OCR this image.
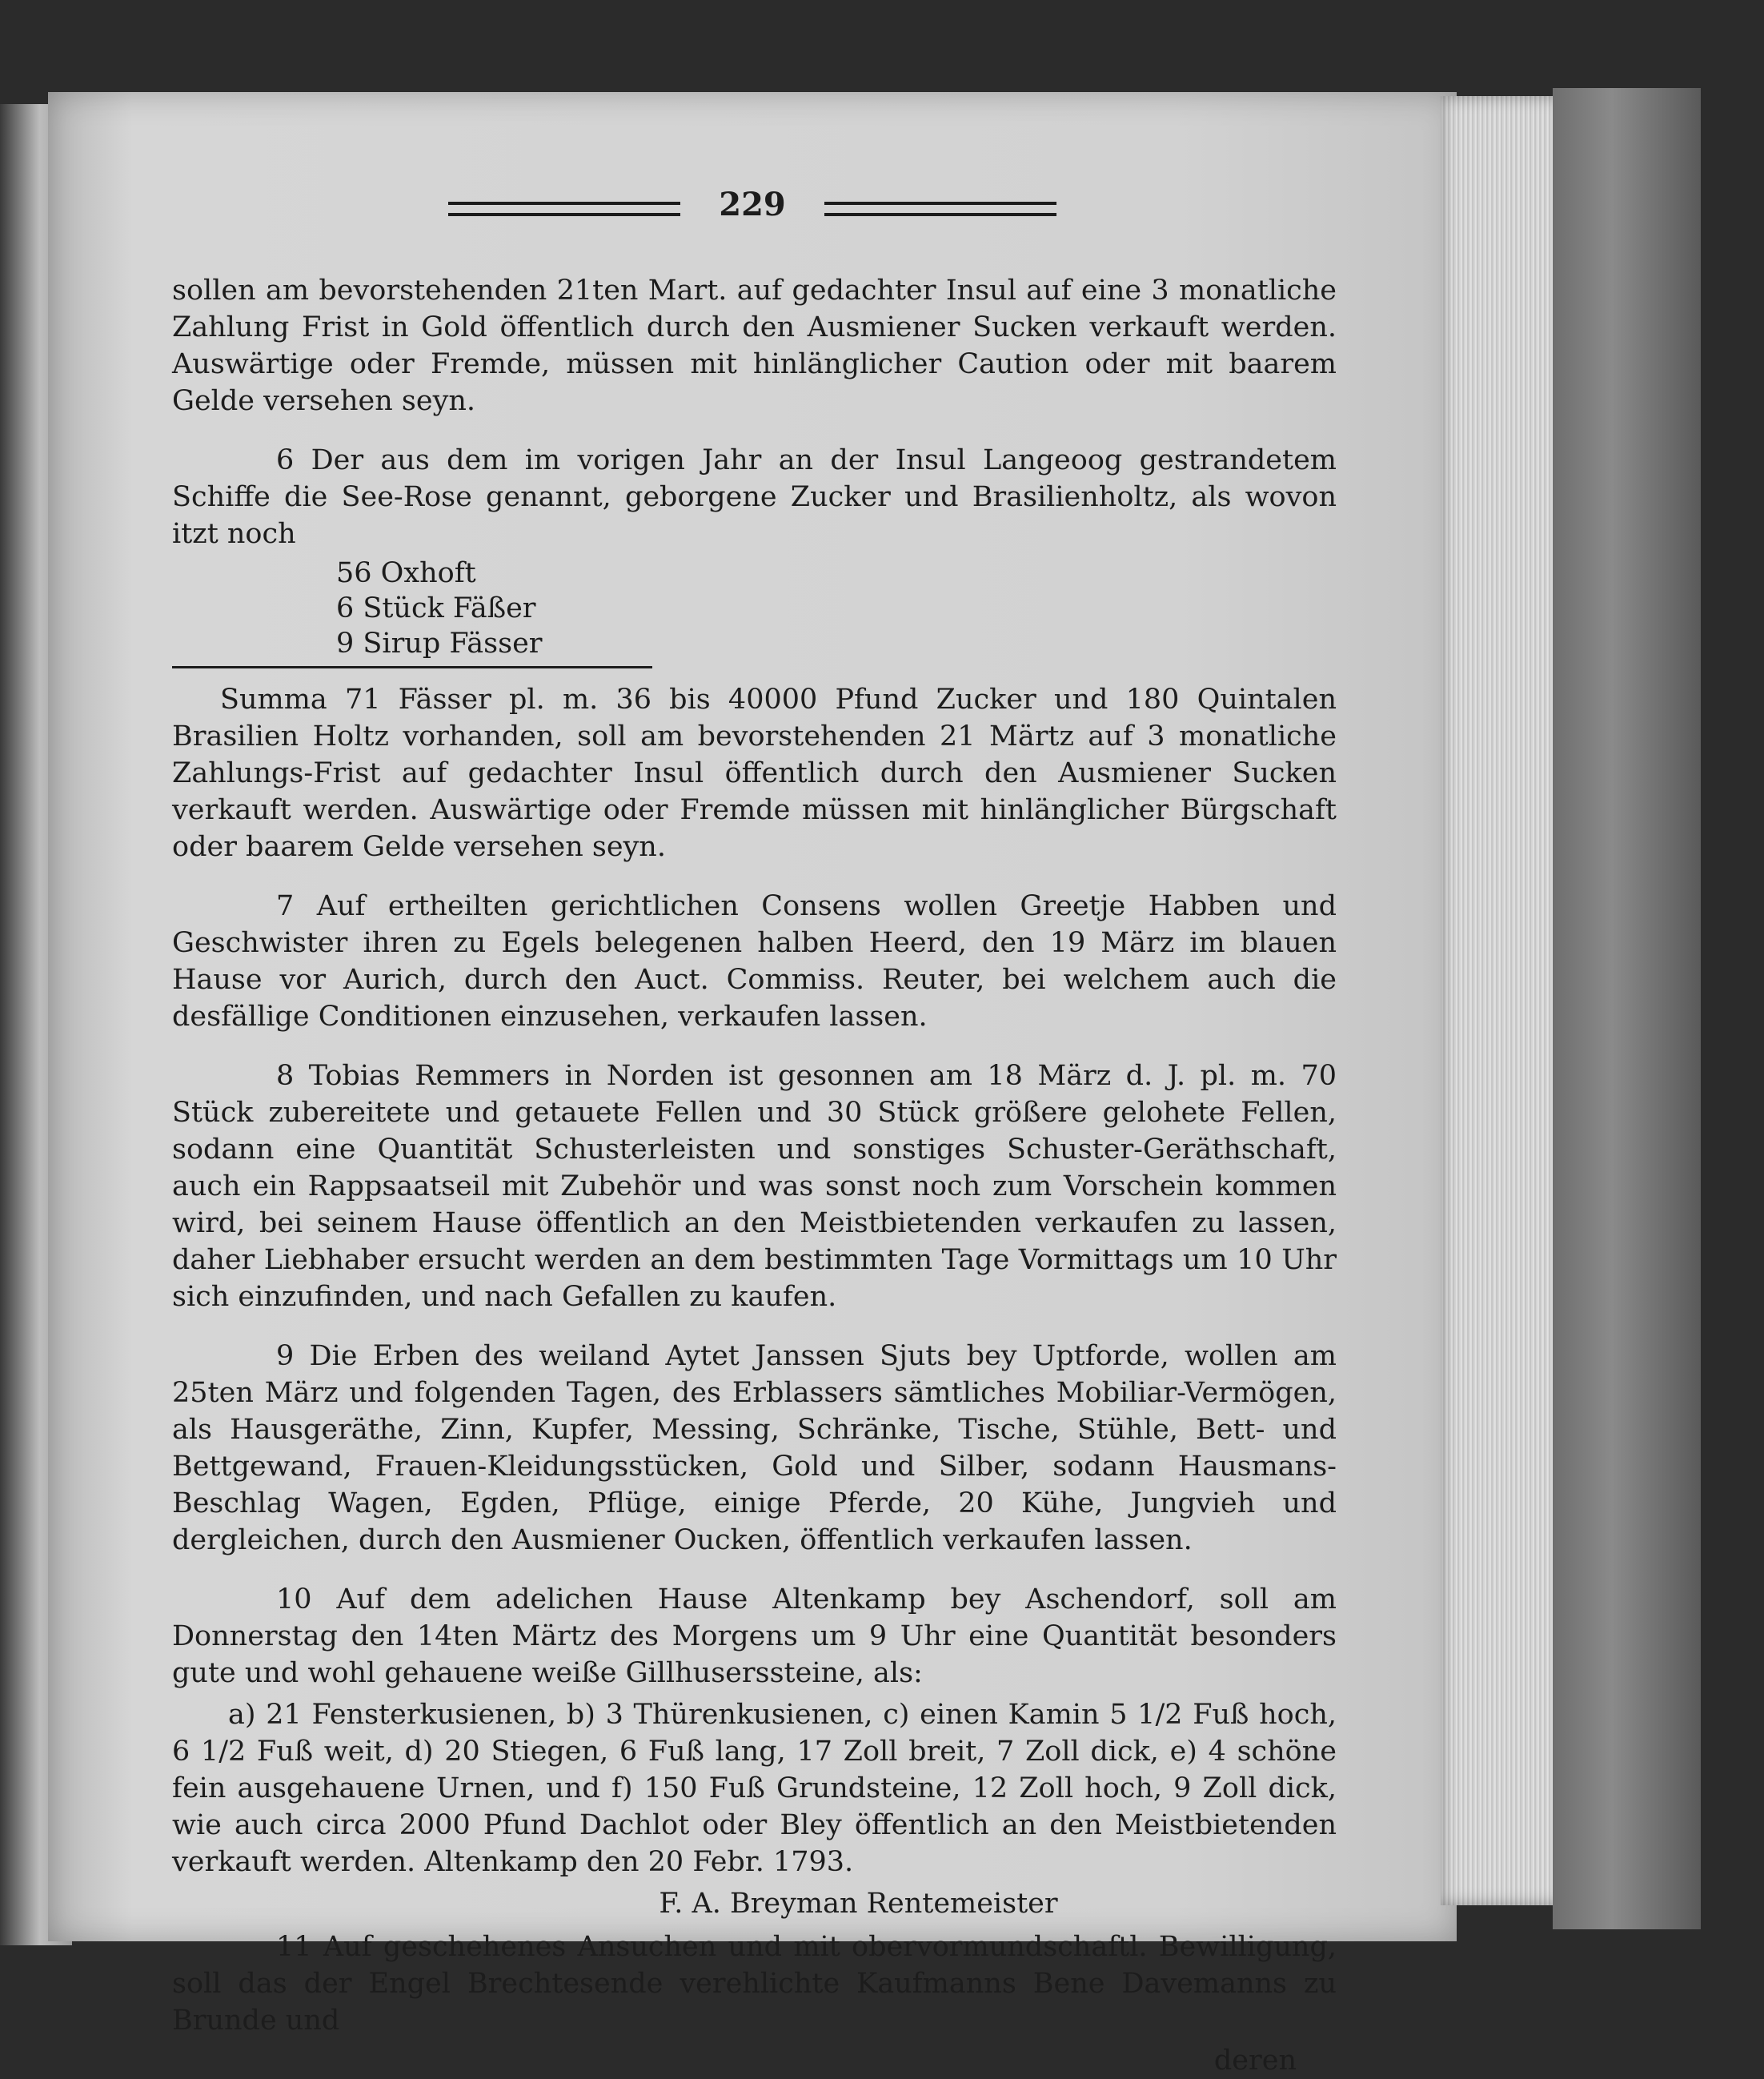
229

sollen am bevorstehenden 21ten Mart. auf gedachter Insul auf eine 3 monatliche Zahlung Frist in Gold öffentlich durch den Ausmiener Sucken verkauft werden. Auswärtige oder Fremde, müssen mit hinlänglicher Caution oder mit baarem Gelde versehen seyn.

6 Der aus dem im vorigen Jahr an der Insul Langeoog gestrandetem Schiffe die See-Rose genannt, geborgene Zucker und Brasilienholtz, als wovon itzt noch

56 Oxhoft
6 Stück Fäßer
9 Sirup Fässer

Summa 71 Fässer pl. m. 36 bis 40000 Pfund Zucker und 180 Quintalen Brasilien Holtz vorhanden, soll am bevorstehenden 21 Märtz auf 3 monatliche Zahlungs-Frist auf gedachter Insul öffentlich durch den Ausmiener Sucken verkauft werden. Auswärtige oder Fremde müssen mit hinlänglicher Bürgschaft oder baarem Gelde versehen seyn.

7 Auf ertheilten gerichtlichen Consens wollen Greetje Habben und Geschwister ihren zu Egels belegenen halben Heerd, den 19 März im blauen Hause vor Aurich, durch den Auct. Commiss. Reuter, bei welchem auch die desfällige Conditionen einzusehen, verkaufen lassen.

8 Tobias Remmers in Norden ist gesonnen am 18 März d. J. pl. m. 70 Stück zubereitete und getauete Fellen und 30 Stück größere gelohete Fellen, sodann eine Quantität Schusterleisten und sonstiges Schuster-Geräthschaft, auch ein Rappsaatseil mit Zubehör und was sonst noch zum Vorschein kommen wird, bei seinem Hause öffentlich an den Meistbietenden verkaufen zu lassen, daher Liebhaber ersucht werden an dem bestimmten Tage Vormittags um 10 Uhr sich einzufinden, und nach Gefallen zu kaufen.

9 Die Erben des weiland Aytet Janssen Sjuts bey Uptforde, wollen am 25ten März und folgenden Tagen, des Erblassers sämtliches Mobiliar-Vermögen, als Hausgeräthe, Zinn, Kupfer, Messing, Schränke, Tische, Stühle, Bett- und Bettgewand, Frauen-Kleidungsstücken, Gold und Silber, sodann Hausmans-Beschlag Wagen, Egden, Pflüge, einige Pferde, 20 Kühe, Jungvieh und dergleichen, durch den Ausmiener Oucken, öffentlich verkaufen lassen.

10 Auf dem adelichen Hause Altenkamp bey Aschendorf, soll am Donnerstag den 14ten Märtz des Morgens um 9 Uhr eine Quantität besonders gute und wohl gehauene weiße Gillhuserssteine, als:

a) 21 Fensterkusienen, b) 3 Thürenkusienen, c) einen Kamin 5 1/2 Fuß hoch, 6 1/2 Fuß weit, d) 20 Stiegen, 6 Fuß lang, 17 Zoll breit, 7 Zoll dick, e) 4 schöne fein ausgehauene Urnen, und f) 150 Fuß Grundsteine, 12 Zoll hoch, 9 Zoll dick, wie auch circa 2000 Pfund Dachlot oder Bley öffentlich an den Meistbietenden verkauft werden. Altenkamp den 20 Febr. 1793.

F. A. Breyman Rentemeister

11 Auf geschehenes Ansuchen und mit obervormundschaftl. Bewilligung, soll das der Engel Brechtesende verehlichte Kaufmanns Bene Davemanns zu Brunde und

deren
